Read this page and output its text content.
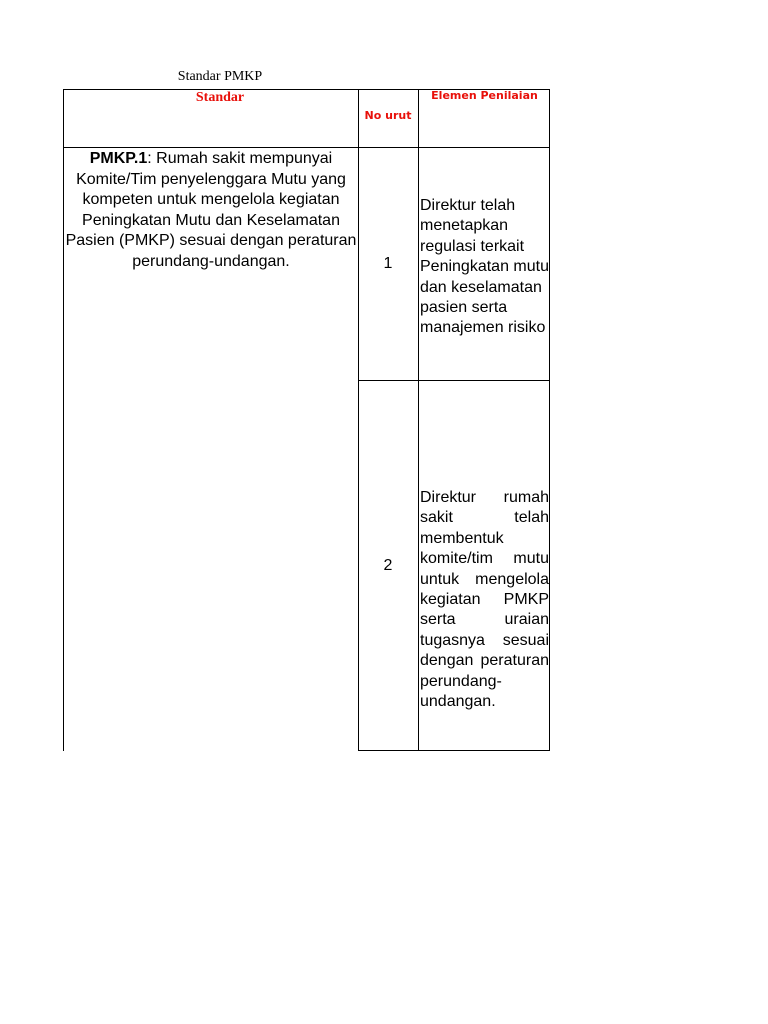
Standar PMKP
Standar
No urut
Elemen Penilaian
PMKP.1: Rumah sakit mempunyai Komite/Tim penyelenggara Mutu yang
kompeten untuk mengelola kegiatan Peningkatan Mutu dan Keselamatan Pasien (PMKP) sesuai dengan peraturan perundang-undangan.	1
Direktur telah menetapkan regulasi terkait Peningkatan mutu dan keselamatan pasien serta manajemen risiko
2
Direktur rumah sakit telah membentuk komite/tim mutu untuk mengelola kegiatan PMKP serta uraian tugasnya sesuai dengan peraturan perundang-undangan.
